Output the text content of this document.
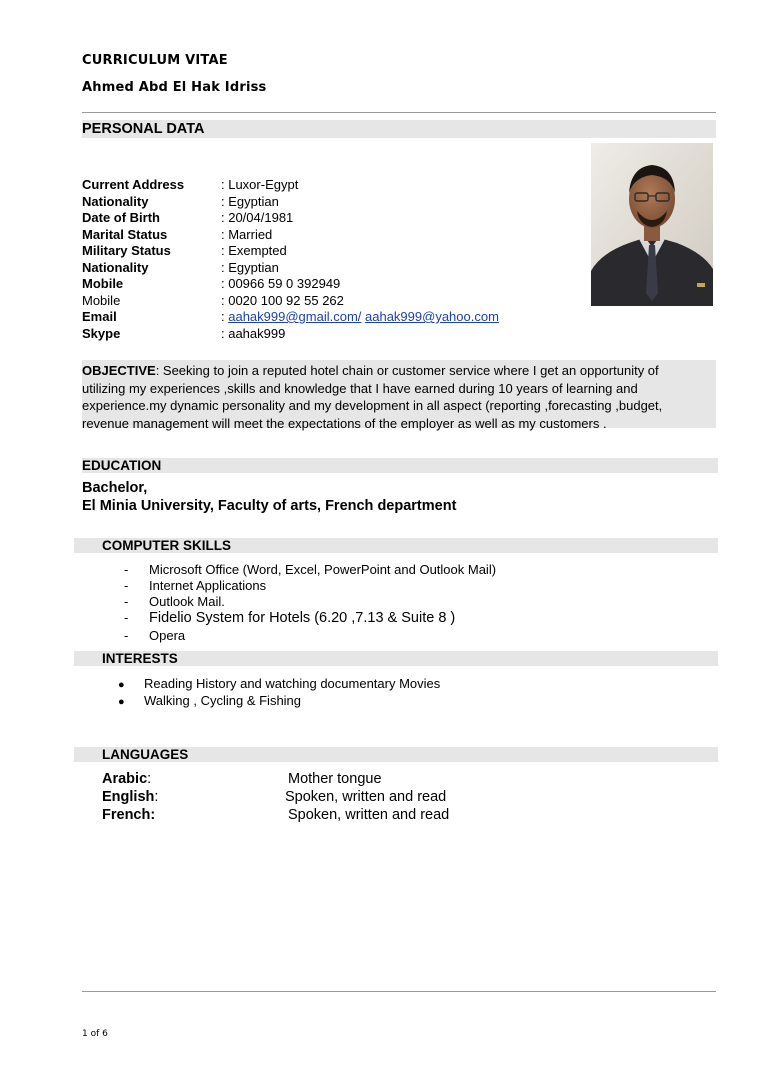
CURRICULUM VITAE
Ahmed Abd El Hak Idriss
PERSONAL DATA
Current Address	: Luxor-Egypt
Nationality	: Egyptian
Date of Birth	: 20/04/1981
Marital Status	: Married
Military Status	: Exempted
Nationality	: Egyptian
Mobile	: 00966 59 0 392949
Mobile	: 0020 100 92 55 262
Email	: aahak999@gmail.com/ aahak999@yahoo.com
Skype	: aahak999
OBJECTIVE: Seeking to join a reputed hotel chain or customer service where I get an opportunity of
utilizing my experiences ,skills and knowledge that I have earned during 10 years of learning and
experience.my dynamic personality and my development in all aspect (reporting ,forecasting ,budget,
revenue management will meet the expectations of the employer as well as my customers .
EDUCATION
Bachelor,
El Minia University, Faculty of arts, French department
COMPUTER SKILLS
- Microsoft Office (Word, Excel, PowerPoint and Outlook Mail)
- Internet Applications
- Outlook Mail.
- Fidelio System for Hotels (6.20 ,7.13 & Suite 8 )
- Opera
INTERESTS
● Reading History and watching documentary Movies
● Walking , Cycling & Fishing
LANGUAGES
Arabic:	Mother tongue
English:	Spoken, written and read
French:	Spoken, written and read
1 of 6
